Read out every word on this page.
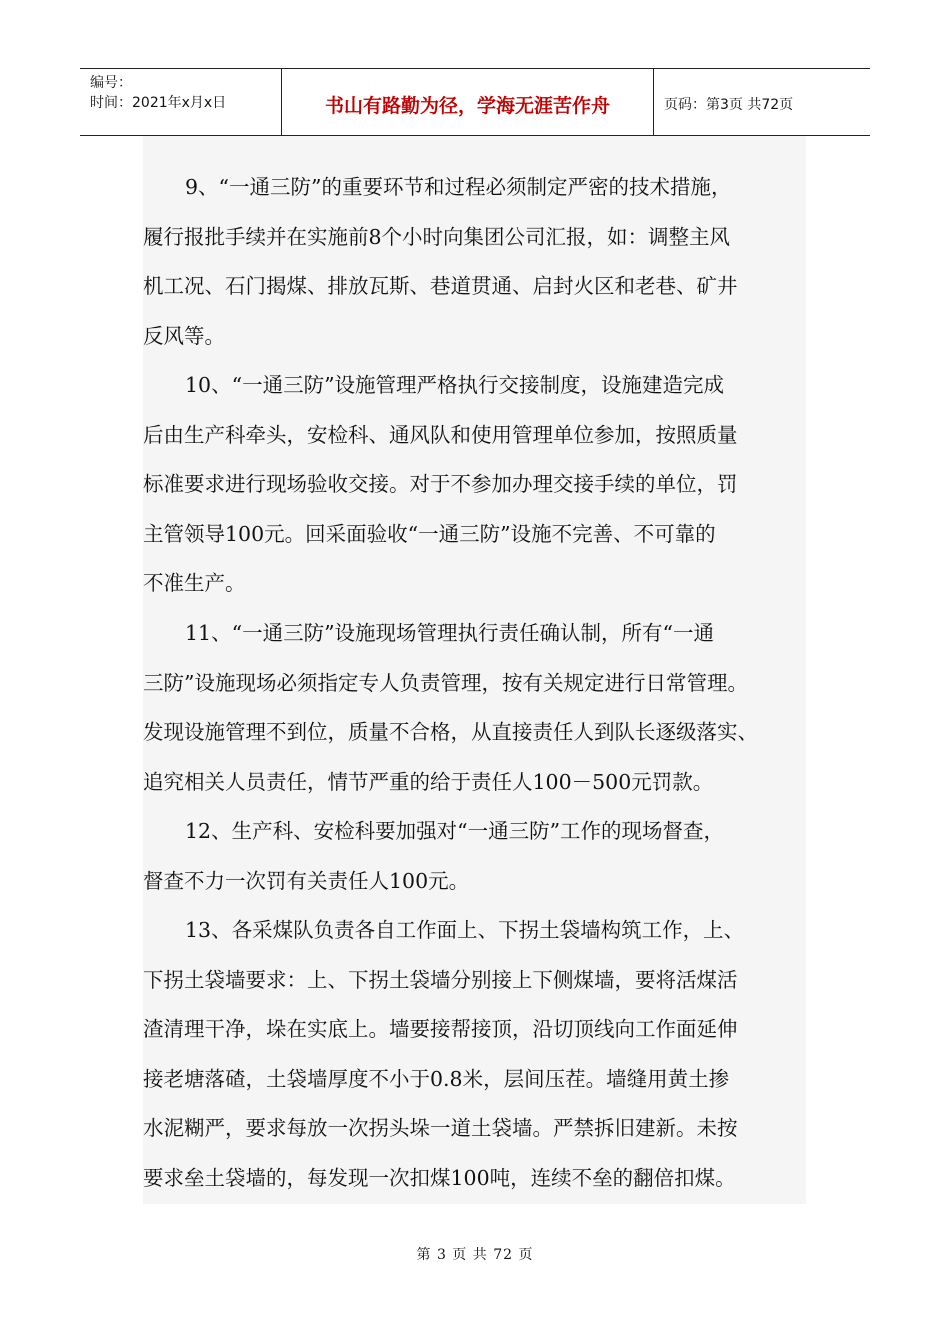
编号：
时间：2021年x月x日	书山有路勤为径，学海无涯苦作舟	页码：第3页 共72页
9、“一通三防”的重要环节和过程必须制定严密的技术措施，
履行报批手续并在实施前8个小时向集团公司汇报，如：调整主风
机工况、石门揭煤、排放瓦斯、巷道贯通、启封火区和老巷、矿井
反风等。
10、“一通三防”设施管理严格执行交接制度，设施建造完成
后由生产科牵头，安检科、通风队和使用管理单位参加，按照质量
标准要求进行现场验收交接。对于不参加办理交接手续的单位，罚
主管领导100元。回采面验收“一通三防”设施不完善、不可靠的
不准生产。
11、“一通三防”设施现场管理执行责任确认制，所有“一通
三防”设施现场必须指定专人负责管理，按有关规定进行日常管理。
发现设施管理不到位，质量不合格，从直接责任人到队长逐级落实、
追究相关人员责任，情节严重的给于责任人100－500元罚款。
12、生产科、安检科要加强对“一通三防”工作的现场督查，
督查不力一次罚有关责任人100元。
13、各采煤队负责各自工作面上、下拐土袋墙构筑工作，上、
下拐土袋墙要求：上、下拐土袋墙分别接上下侧煤墙，要将活煤活
渣清理干净，垛在实底上。墙要接帮接顶，沿切顶线向工作面延伸
接老塘落碴，土袋墙厚度不小于0.8米，层间压茬。墙缝用黄土掺
水泥糊严，要求每放一次拐头垛一道土袋墙。严禁拆旧建新。未按
要求垒土袋墙的，每发现一次扣煤100吨，连续不垒的翻倍扣煤。
第 3 页 共 72 页
